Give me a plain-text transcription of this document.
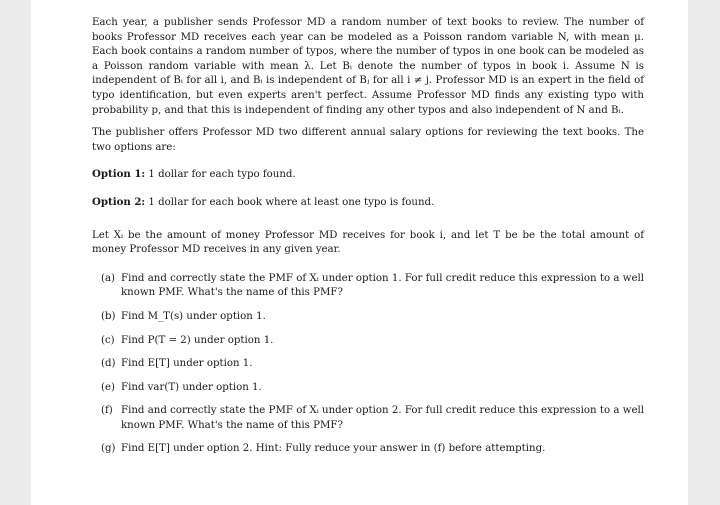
Each year, a publisher sends Professor MD a random number of text books to review. The number of books Professor MD receives each year can be modeled as a Poisson random variable N, with mean μ. Each book contains a random number of typos, where the number of typos in one book can be modeled as a Poisson random variable with mean λ. Let Bᵢ denote the number of typos in book i. Assume N is independent of Bᵢ for all i, and Bᵢ is independent of Bⱼ for all i ≠ j. Professor MD is an expert in the field of typo identification, but even experts aren't perfect. Assume Professor MD finds any existing typo with probability p, and that this is independent of finding any other typos and also independent of N and Bᵢ.

The publisher offers Professor MD two different annual salary options for reviewing the text books. The two options are:

Option 1: 1 dollar for each typo found.
Option 2: 1 dollar for each book where at least one typo is found.

Let Xᵢ be the amount of money Professor MD receives for book i, and let T be be the total amount of money Professor MD receives in any given year.

(a) Find and correctly state the PMF of Xᵢ under option 1. For full credit reduce this expression to a well known PMF. What's the name of this PMF?
(b) Find M_T(s) under option 1.
(c) Find P(T = 2) under option 1.
(d) Find E[T] under option 1.
(e) Find var(T) under option 1.
(f) Find and correctly state the PMF of Xᵢ under option 2. For full credit reduce this expression to a well known PMF. What's the name of this PMF?
(g) Find E[T] under option 2. Hint: Fully reduce your answer in (f) before attempting.
